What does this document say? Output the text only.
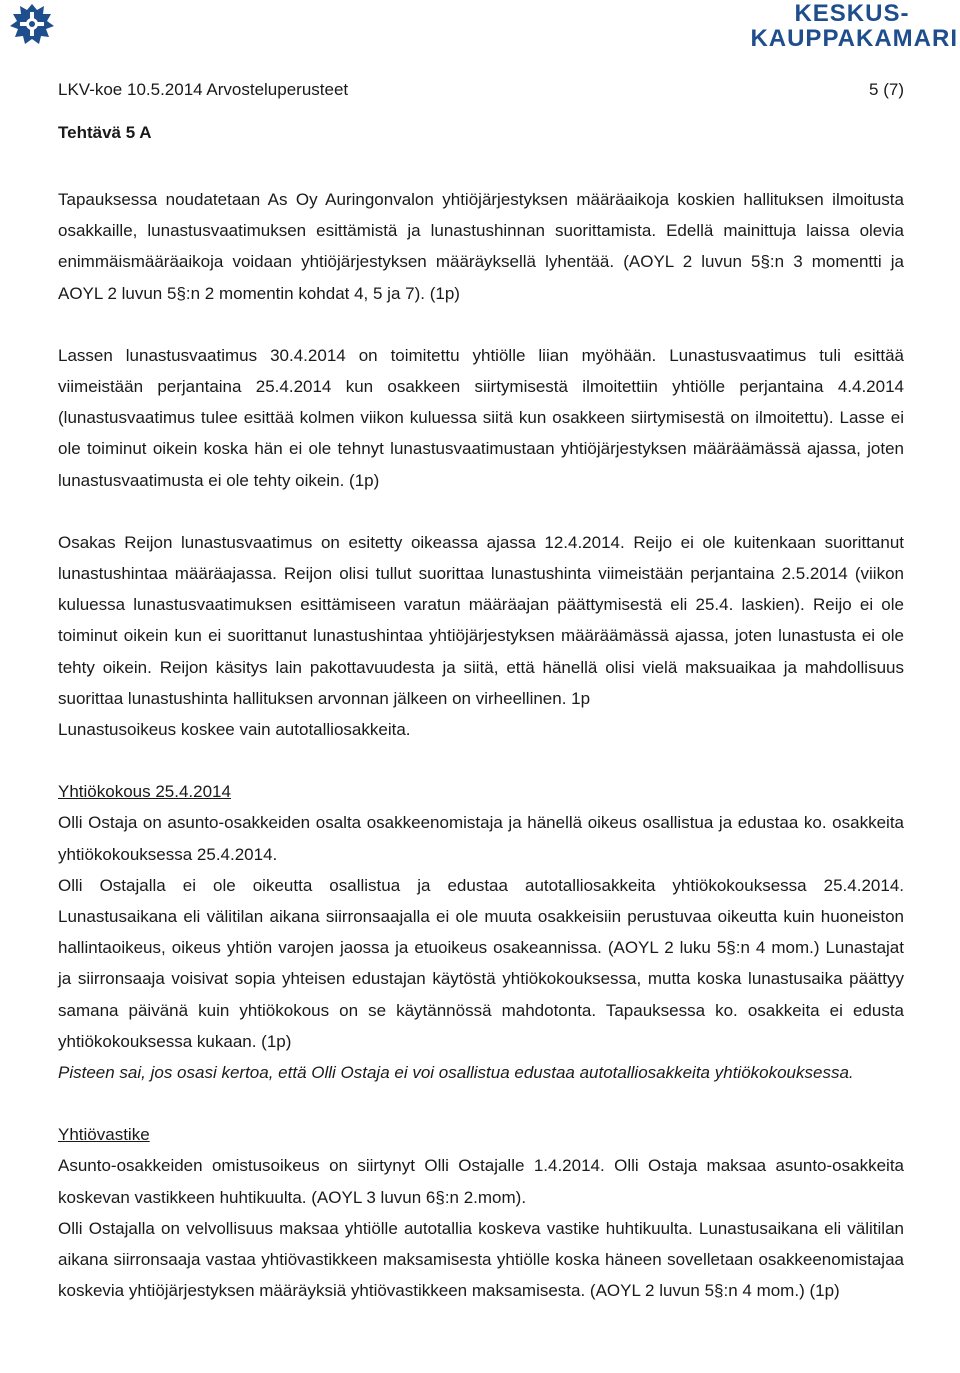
KESKUS-
KAUPPAKAMARI
LKV-koe 10.5.2014 Arvosteluperusteet	5 (7)
Tehtävä 5 A

Tapauksessa noudatetaan As Oy Auringonvalon yhtiöjärjestyksen määräaikoja koskien hallituksen ilmoitusta osakkaille, lunastusvaatimuksen esittämistä ja lunastushinnan suorittamista. Edellä mainittuja laissa olevia enimmäismääräaikoja voidaan yhtiöjärjestyksen määräyksellä lyhentää. (AOYL 2 luvun 5§:n 3 momentti ja AOYL 2 luvun 5§:n 2 momentin kohdat 4, 5 ja 7). (1p)

Lassen lunastusvaatimus 30.4.2014 on toimitettu yhtiölle liian myöhään. Lunastusvaatimus tuli esittää viimeistään perjantaina 25.4.2014 kun osakkeen siirtymisestä ilmoitettiin yhtiölle perjantaina 4.4.2014 (lunastusvaatimus tulee esittää kolmen viikon kuluessa siitä kun osakkeen siirtymisestä on ilmoitettu). Lasse ei ole toiminut oikein koska hän ei ole tehnyt lunastusvaatimustaan yhtiöjärjestyksen määräämässä ajassa, joten lunastusvaatimusta ei ole tehty oikein. (1p)

Osakas Reijon lunastusvaatimus on esitetty oikeassa ajassa 12.4.2014. Reijo ei ole kuitenkaan suorittanut lunastushintaa määräajassa. Reijon olisi tullut suorittaa lunastushinta viimeistään perjantaina 2.5.2014 (viikon kuluessa lunastusvaatimuksen esittämiseen varatun määräajan päättymisestä eli 25.4. laskien). Reijo ei ole toiminut oikein kun ei suorittanut lunastushintaa yhtiöjärjestyksen määräämässä ajassa, joten lunastusta ei ole tehty oikein. Reijon käsitys lain pakottavuudesta ja siitä, että hänellä olisi vielä maksuaikaa ja mahdollisuus suorittaa lunastushinta hallituksen arvonnan jälkeen on virheellinen. 1p

Lunastusoikeus koskee vain autotalliosakkeita.

Yhtiökokous 25.4.2014

Olli Ostaja on asunto-osakkeiden osalta osakkeenomistaja ja hänellä oikeus osallistua ja edustaa ko. osakkeita yhtiökokouksessa 25.4.2014.

Olli Ostajalla ei ole oikeutta osallistua ja edustaa autotalliosakkeita yhtiökokouksessa 25.4.2014. Lunastusaikana eli välitilan aikana siirronsaajalla ei ole muuta osakkeisiin perustuvaa oikeutta kuin huoneiston hallintaoikeus, oikeus yhtiön varojen jaossa ja etuoikeus osakeannissa. (AOYL 2 luku 5§:n 4 mom.) Lunastajat ja siirronsaaja voisivat sopia yhteisen edustajan käytöstä yhtiökokouksessa, mutta koska lunastusaika päättyy samana päivänä kuin yhtiökokous on se käytännössä mahdotonta. Tapauksessa ko. osakkeita ei edusta yhtiökokouksessa kukaan. (1p)

Pisteen sai, jos osasi kertoa, että Olli Ostaja ei voi osallistua edustaa autotalliosakkeita yhtiökokouksessa.

Yhtiövastike

Asunto-osakkeiden omistusoikeus on siirtynyt Olli Ostajalle 1.4.2014. Olli Ostaja maksaa asunto-osakkeita koskevan vastikkeen huhtikuulta. (AOYL 3 luvun 6§:n 2.mom).

Olli Ostajalla on velvollisuus maksaa yhtiölle autotallia koskeva vastike huhtikuulta. Lunastusaikana eli välitilan aikana siirronsaaja vastaa yhtiövastikkeen maksamisesta yhtiölle koska häneen sovelletaan osakkeenomistajaa koskevia yhtiöjärjestyksen määräyksiä yhtiövastikkeen maksamisesta. (AOYL 2 luvun 5§:n 4 mom.) (1p)
